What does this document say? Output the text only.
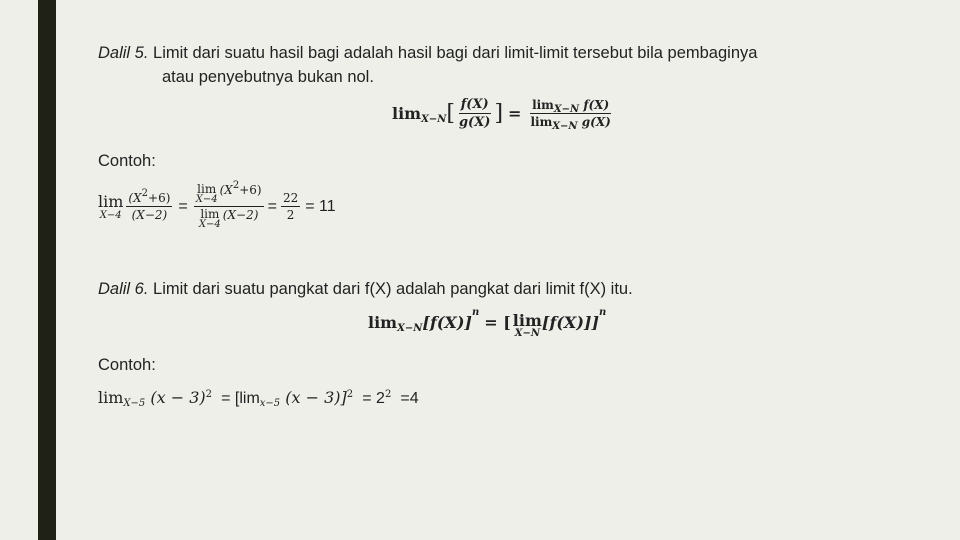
Dalil 5. Limit dari suatu hasil bagi adalah hasil bagi dari limit-limit tersebut bila pembaginya
atau penyebutnya bukan nol.
$\lim_{X-N}$ [ $\frac{f(X)}{g(X)}$ ] = $\frac{\lim_{X-N} f(X)}{\lim_{X-N} g(X)}$
Contoh:
lim
$X-4 \frac{(X^2+6)}{(X-2)} = \lim$
X−4
$(X^2+6)$
lim
X−4
$(X-2) = \frac{22}{2} = 11$
Dalil 6. Limit dari suatu pangkat dari f(X) adalah pangkat dari limit f(X) itu.
$\lim_{X-N} [f(X)]$
n
= [ lim
X−N
[f(X)]]
n
Contoh:
$\lim_{X-5} (x - 3)^2 = [\lim_{x-5}$ $(x - 3)]^2 = 2^2 =4$
